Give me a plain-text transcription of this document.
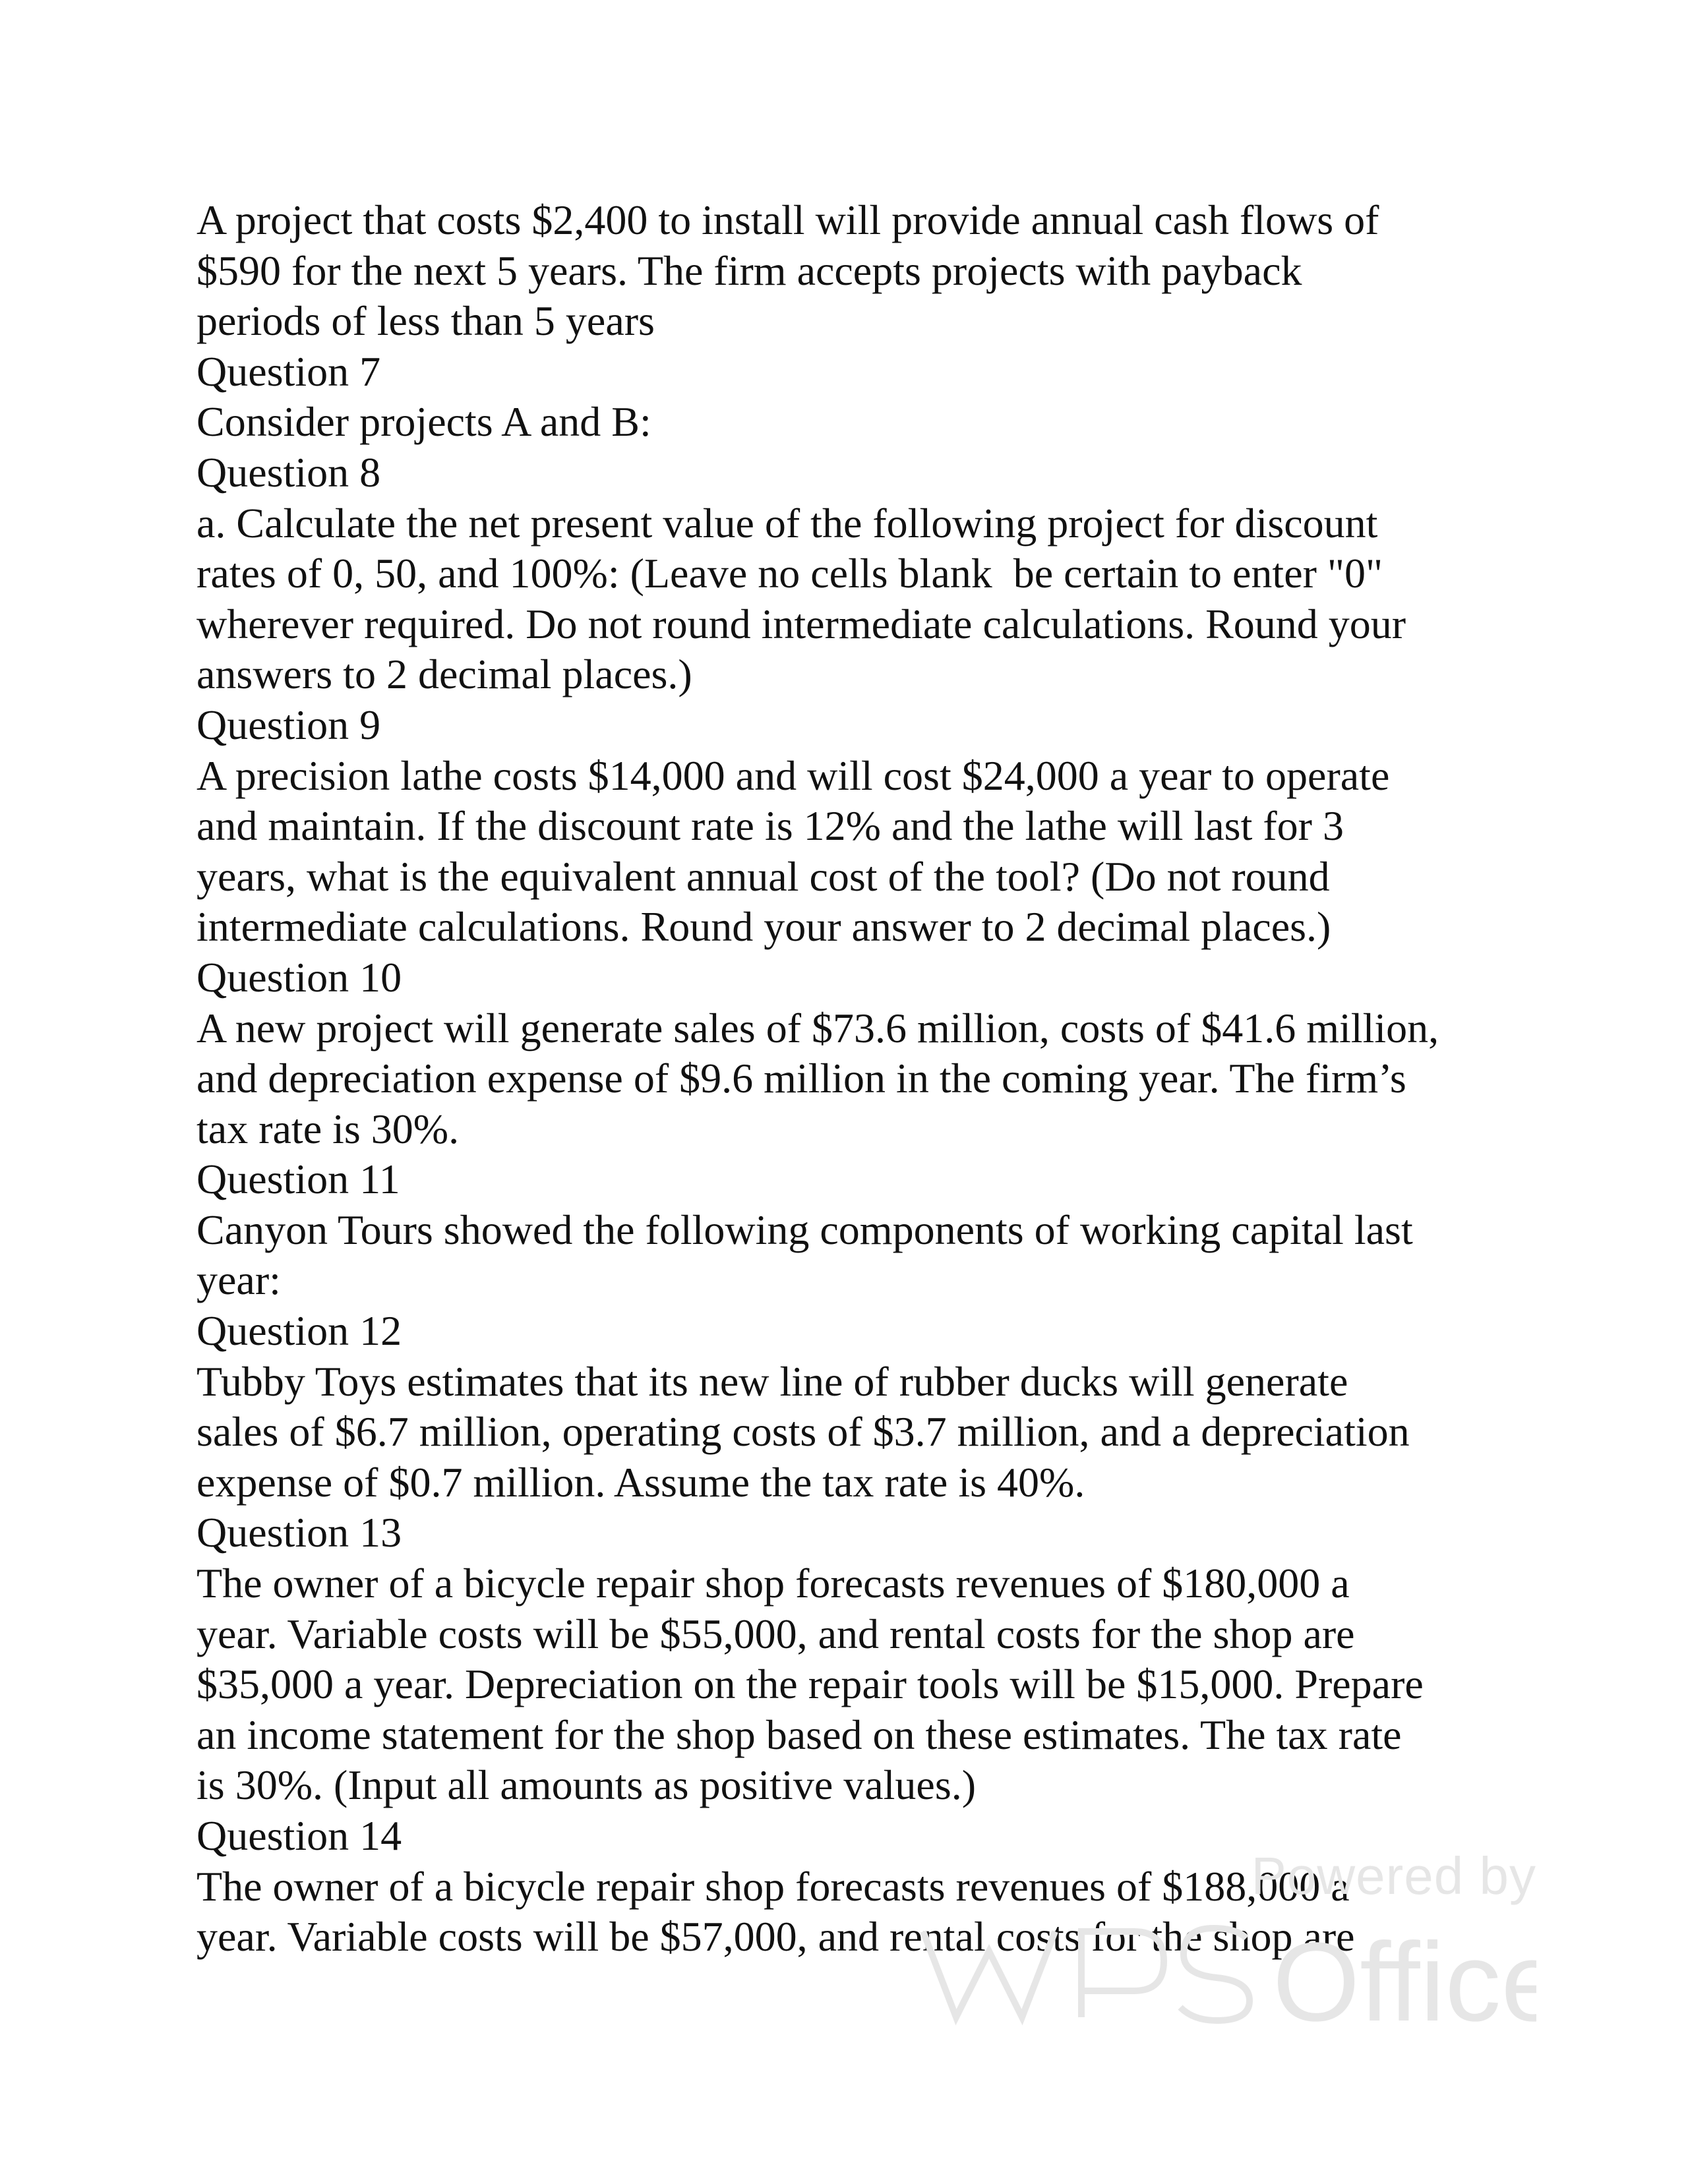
A project that costs $2,400 to install will provide annual cash flows of

$590 for the next 5 years. The firm accepts projects with payback

periods of less than 5 years

Question 7

Consider projects A and B:

Question 8

a. Calculate the net present value of the following project for discount

rates of 0, 50, and 100%: (Leave no cells blank  be certain to enter "0"

wherever required. Do not round intermediate calculations. Round your

answers to 2 decimal places.)

Question 9

A precision lathe costs $14,000 and will cost $24,000 a year to operate

and maintain. If the discount rate is 12% and the lathe will last for 3

years, what is the equivalent annual cost of the tool? (Do not round

intermediate calculations. Round your answer to 2 decimal places.)

Question 10

A new project will generate sales of $73.6 million, costs of $41.6 million,

and depreciation expense of $9.6 million in the coming year. The firm’s

tax rate is 30%.

Question 11

Canyon Tours showed the following components of working capital last

year:

Question 12

Tubby Toys estimates that its new line of rubber ducks will generate

sales of $6.7 million, operating costs of $3.7 million, and a depreciation

expense of $0.7 million. Assume the tax rate is 40%.

Question 13

The owner of a bicycle repair shop forecasts revenues of $180,000 a

year. Variable costs will be $55,000, and rental costs for the shop are

$35,000 a year. Depreciation on the repair tools will be $15,000. Prepare

an income statement for the shop based on these estimates. The tax rate

is 30%. (Input all amounts as positive values.)

Question 14

The owner of a bicycle repair shop forecasts revenues of $188,000 a

year. Variable costs will be $57,000, and rental costs for the shop are

Powered by
Office
